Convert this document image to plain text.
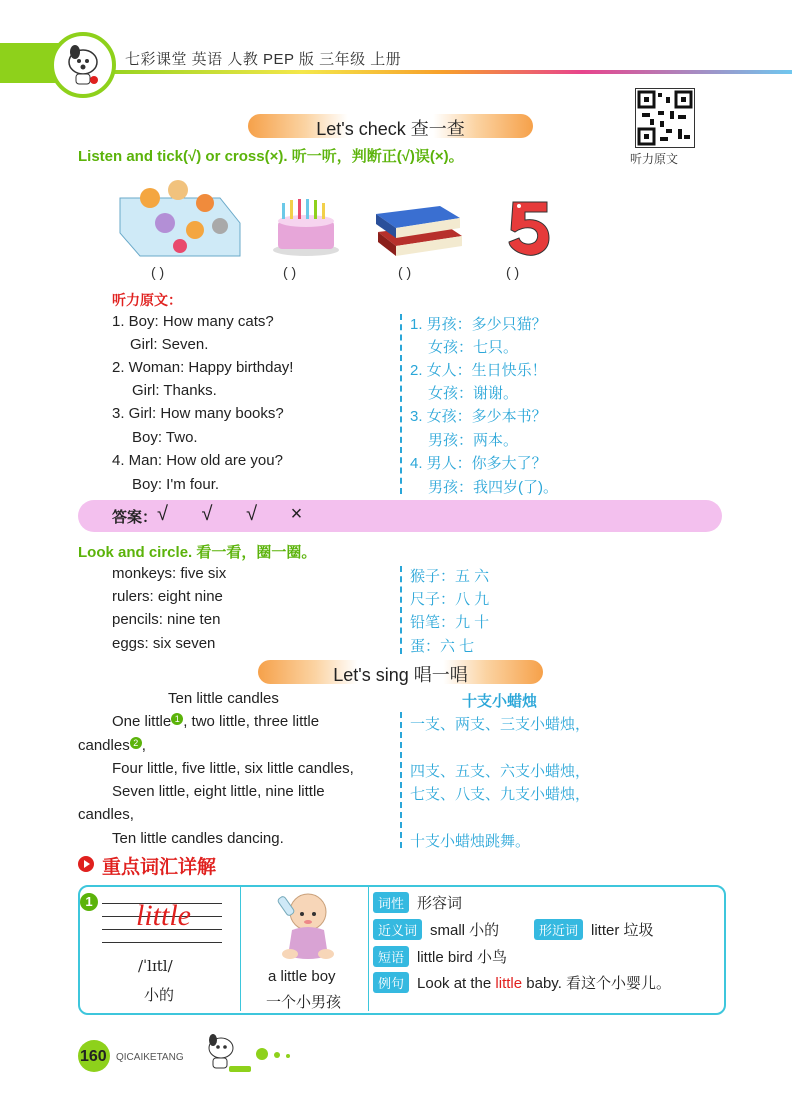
七彩课堂 英语 人教 PEP 版 三年级 上册
听力原文
Let's check 查一查
Listen and tick(√) or cross(×). 听一听，判断正(√)误(×)。
( )	( )	( )	( )
听力原文：
1. Boy: How many cats?
Girl: Seven.
2. Woman: Happy birthday!
Girl: Thanks.
3. Girl: How many books?
Boy: Two.
4. Man: How old are you?
Boy: I'm four.
1. 男孩：多少只猫？
女孩：七只。
2. 女人：生日快乐！
女孩：谢谢。
3. 女孩：多少本书？
男孩：两本。
4. 男人：你多大了？
男孩：我四岁(了)。
答案： √ √ √ ×
Look and circle. 看一看，圈一圈。
monkeys: five six
rulers: eight nine
pencils: nine ten
eggs: six seven
猴子：五 六
尺子：八 九
铅笔：九 十
蛋：六 七
Let's sing 唱一唱
Ten little candles	十支小蜡烛
One little 1 , two little, three little
candles 2 ,
Four little, five little, six little candles,
Seven little, eight little, nine little
candles,
Ten little candles dancing.
一支、两支、三支小蜡烛，
四支、五支、六支小蜡烛，
七支、八支、九支小蜡烛，
十支小蜡烛跳舞。
重点词汇详解
1 little
/ˈlɪtl/
小的
a little boy
一个小男孩
词性 形容词
近义词 small 小的	形近词 litter 垃圾
短语 little bird 小鸟
例句 Look at the little baby. 看这个小婴儿。
160 QICAIKETANG
